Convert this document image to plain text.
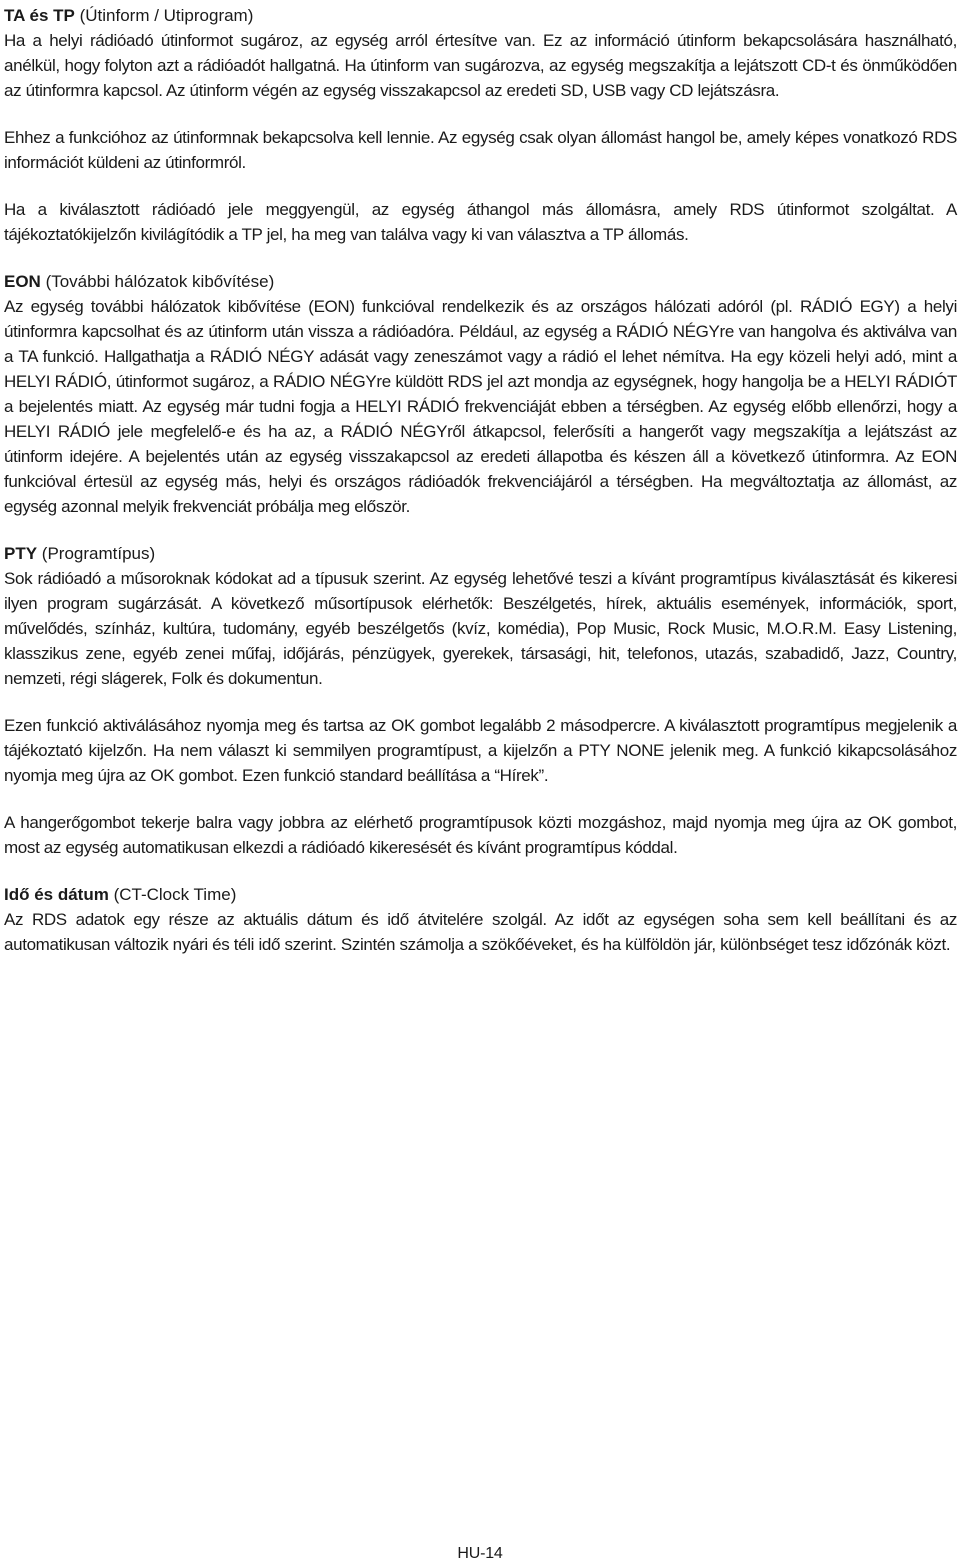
TA és TP (Útinform / Utiprogram)

Ha a helyi rádióadó útinformot sugároz, az egység arról értesítve van. Ez az információ útinform bekapcsolására használható, anélkül, hogy folyton azt a rádióadót hallgatná. Ha útinform van sugározva, az egység megszakítja a lejátszott CD-t és önműködően az útinformra kapcsol. Az útinform végén az egység visszakapcsol az eredeti SD, USB vagy CD lejátszásra.

Ehhez a funkcióhoz az útinformnak bekapcsolva kell lennie. Az egység csak olyan állomást hangol be, amely képes vonatkozó RDS információt küldeni az útinformról.

Ha a kiválasztott rádióadó jele meggyengül, az egység áthangol más állomásra, amely RDS útinformot szolgáltat. A tájékoztatókijelzőn kivilágítódik a TP jel, ha meg van találva vagy ki van választva a TP állomás.

EON (További hálózatok kibővítése)

Az egység további hálózatok kibővítése (EON) funkcióval rendelkezik és az országos hálózati adóról (pl. RÁDIÓ EGY) a helyi útinformra kapcsolhat és az útinform után vissza a rádióadóra. Például, az egység a RÁDIÓ NÉGYre van hangolva és aktiválva van a TA funkció. Hallgathatja a RÁDIÓ NÉGY adását vagy zeneszámot vagy a rádió el lehet némítva. Ha egy közeli helyi adó, mint a HELYI RÁDIÓ, útinformot sugároz, a RÁDIO NÉGYre küldött RDS jel azt mondja az egységnek, hogy hangolja be a HELYI RÁDIÓT a bejelentés miatt. Az egység már tudni fogja a HELYI RÁDIÓ frekvenciáját ebben a térségben. Az egység előbb ellenőrzi, hogy a HELYI RÁDIÓ jele megfelelő-e és ha az, a RÁDIÓ NÉGYről átkapcsol, felerősíti a hangerőt vagy megszakítja a lejátszást az útinform idejére. A bejelentés után az egység visszakapcsol az eredeti állapotba és készen áll a következő útinformra. Az EON funkcióval értesül az egység más, helyi és országos rádióadók frekvenciájáról a térségben. Ha megváltoztatja az állomást, az egység azonnal melyik frekvenciát próbálja meg először.

PTY (Programtípus)

Sok rádióadó a műsoroknak kódokat ad a típusuk szerint. Az egység lehetővé teszi a kívánt programtípus kiválasztását és kikeresi ilyen program sugárzását. A következő műsortípusok elérhetők: Beszélgetés, hírek, aktuális események, információk, sport, művelődés, színház, kultúra, tudomány, egyéb beszélgetős (kvíz, komédia), Pop Music, Rock Music, M.O.R.M. Easy Listening, klasszikus zene, egyéb zenei műfaj, időjárás, pénzügyek, gyerekek, társasági, hit, telefonos, utazás, szabadidő, Jazz, Country, nemzeti, régi slágerek, Folk és dokumentun.

Ezen funkció aktiválásához nyomja meg és tartsa az OK gombot legalább 2 másodpercre. A kiválasztott programtípus megjelenik a tájékoztató kijelzőn. Ha nem választ ki semmilyen programtípust, a kijelzőn a PTY NONE jelenik meg. A funkció kikapcsolásához nyomja meg újra az OK gombot. Ezen funkció standard beállítása a “Hírek”.

A hangerőgombot tekerje balra vagy jobbra az elérhető programtípusok közti mozgáshoz, majd nyomja meg újra az OK gombot, most az egység automatikusan elkezdi a rádióadó kikeresését és kívánt programtípus kóddal.

Idő és dátum (CT-Clock Time)

Az RDS adatok egy része az aktuális dátum és idő átvitelére szolgál. Az időt az egységen soha sem kell beállítani és az automatikusan változik nyári és téli idő szerint. Szintén számolja a szökőéveket, és ha külföldön jár, különbséget tesz időzónák közt.

HU-14
